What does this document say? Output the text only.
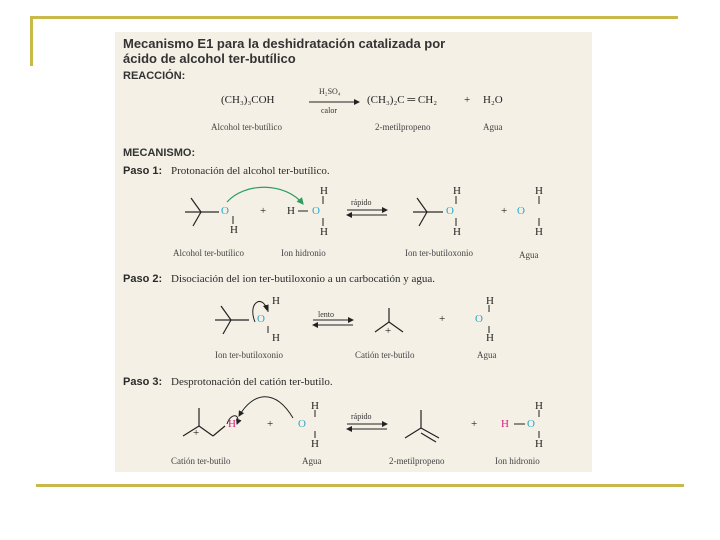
Mecanismo E1 para la deshidratación catalizada por
ácido de alcohol ter-butílico
REACCIÓN:
(CH₃)₃COH
H₂SO₄
calor
(CH₃)₂C ═ CH₂ + H₂O
Alcohol ter-butílico	2-metilpropeno	Agua
MECANISMO:
Paso 1: Protonación del alcohol ter-butílico.
O
H
+ H O
H
H
rápido
O
H
H
+ O
H
H
Alcohol ter-butílico	Ion hidronio	Ion ter-butiloxonio	Agua
Paso 2: Disociación del ion ter-butiloxonio a un carbocatión y agua.
O
H
H
lento
+
+	O
H
H
Ion ter-butiloxonio	Catión ter-butilo	Agua
Paso 3: Desprotonación del catión ter-butilo.
+
H	+ O
H
H
rápido
+ H O
H
H
Catión ter-butilo	Agua	2-metilpropeno	Ion hidronio
